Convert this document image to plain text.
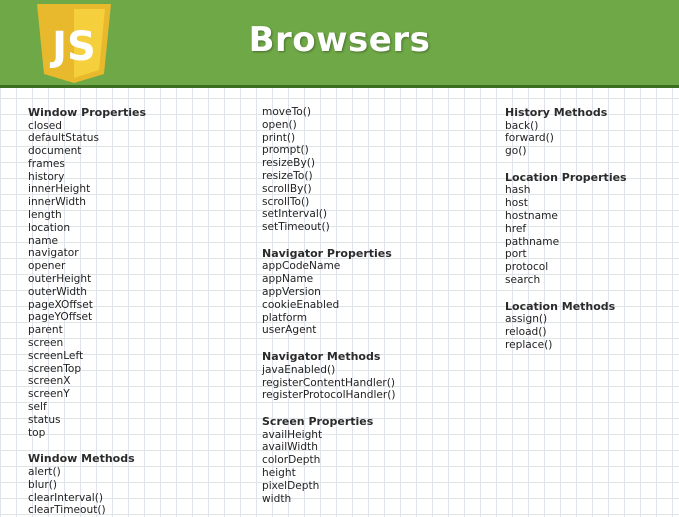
JS	Browsers
Window Properties
closed
defaultStatus
document
frames
history
innerHeight
innerWidth
length
location
name
navigator
opener
outerHeight
outerWidth
pageXOffset
pageYOffset
parent
screen
screenLeft
screenTop
screenX
screenY
self
status
top
Window Methods
alert()
blur()
clearInterval()
clearTimeout()
moveTo()
open()
print()
prompt()
resizeBy()
resizeTo()
scrollBy()
scrollTo()
setInterval()
setTimeout()
Navigator Properties
appCodeName
appName
appVersion
cookieEnabled
platform
userAgent
Navigator Methods
javaEnabled()
registerContentHandler()
registerProtocolHandler()
Screen Properties
availHeight
availWidth
colorDepth
height
pixelDepth
width
History Methods
back()
forward()
go()
Location Properties
hash
host
hostname
href
pathname
port
protocol
search
Location Methods
assign()
reload()
replace()
